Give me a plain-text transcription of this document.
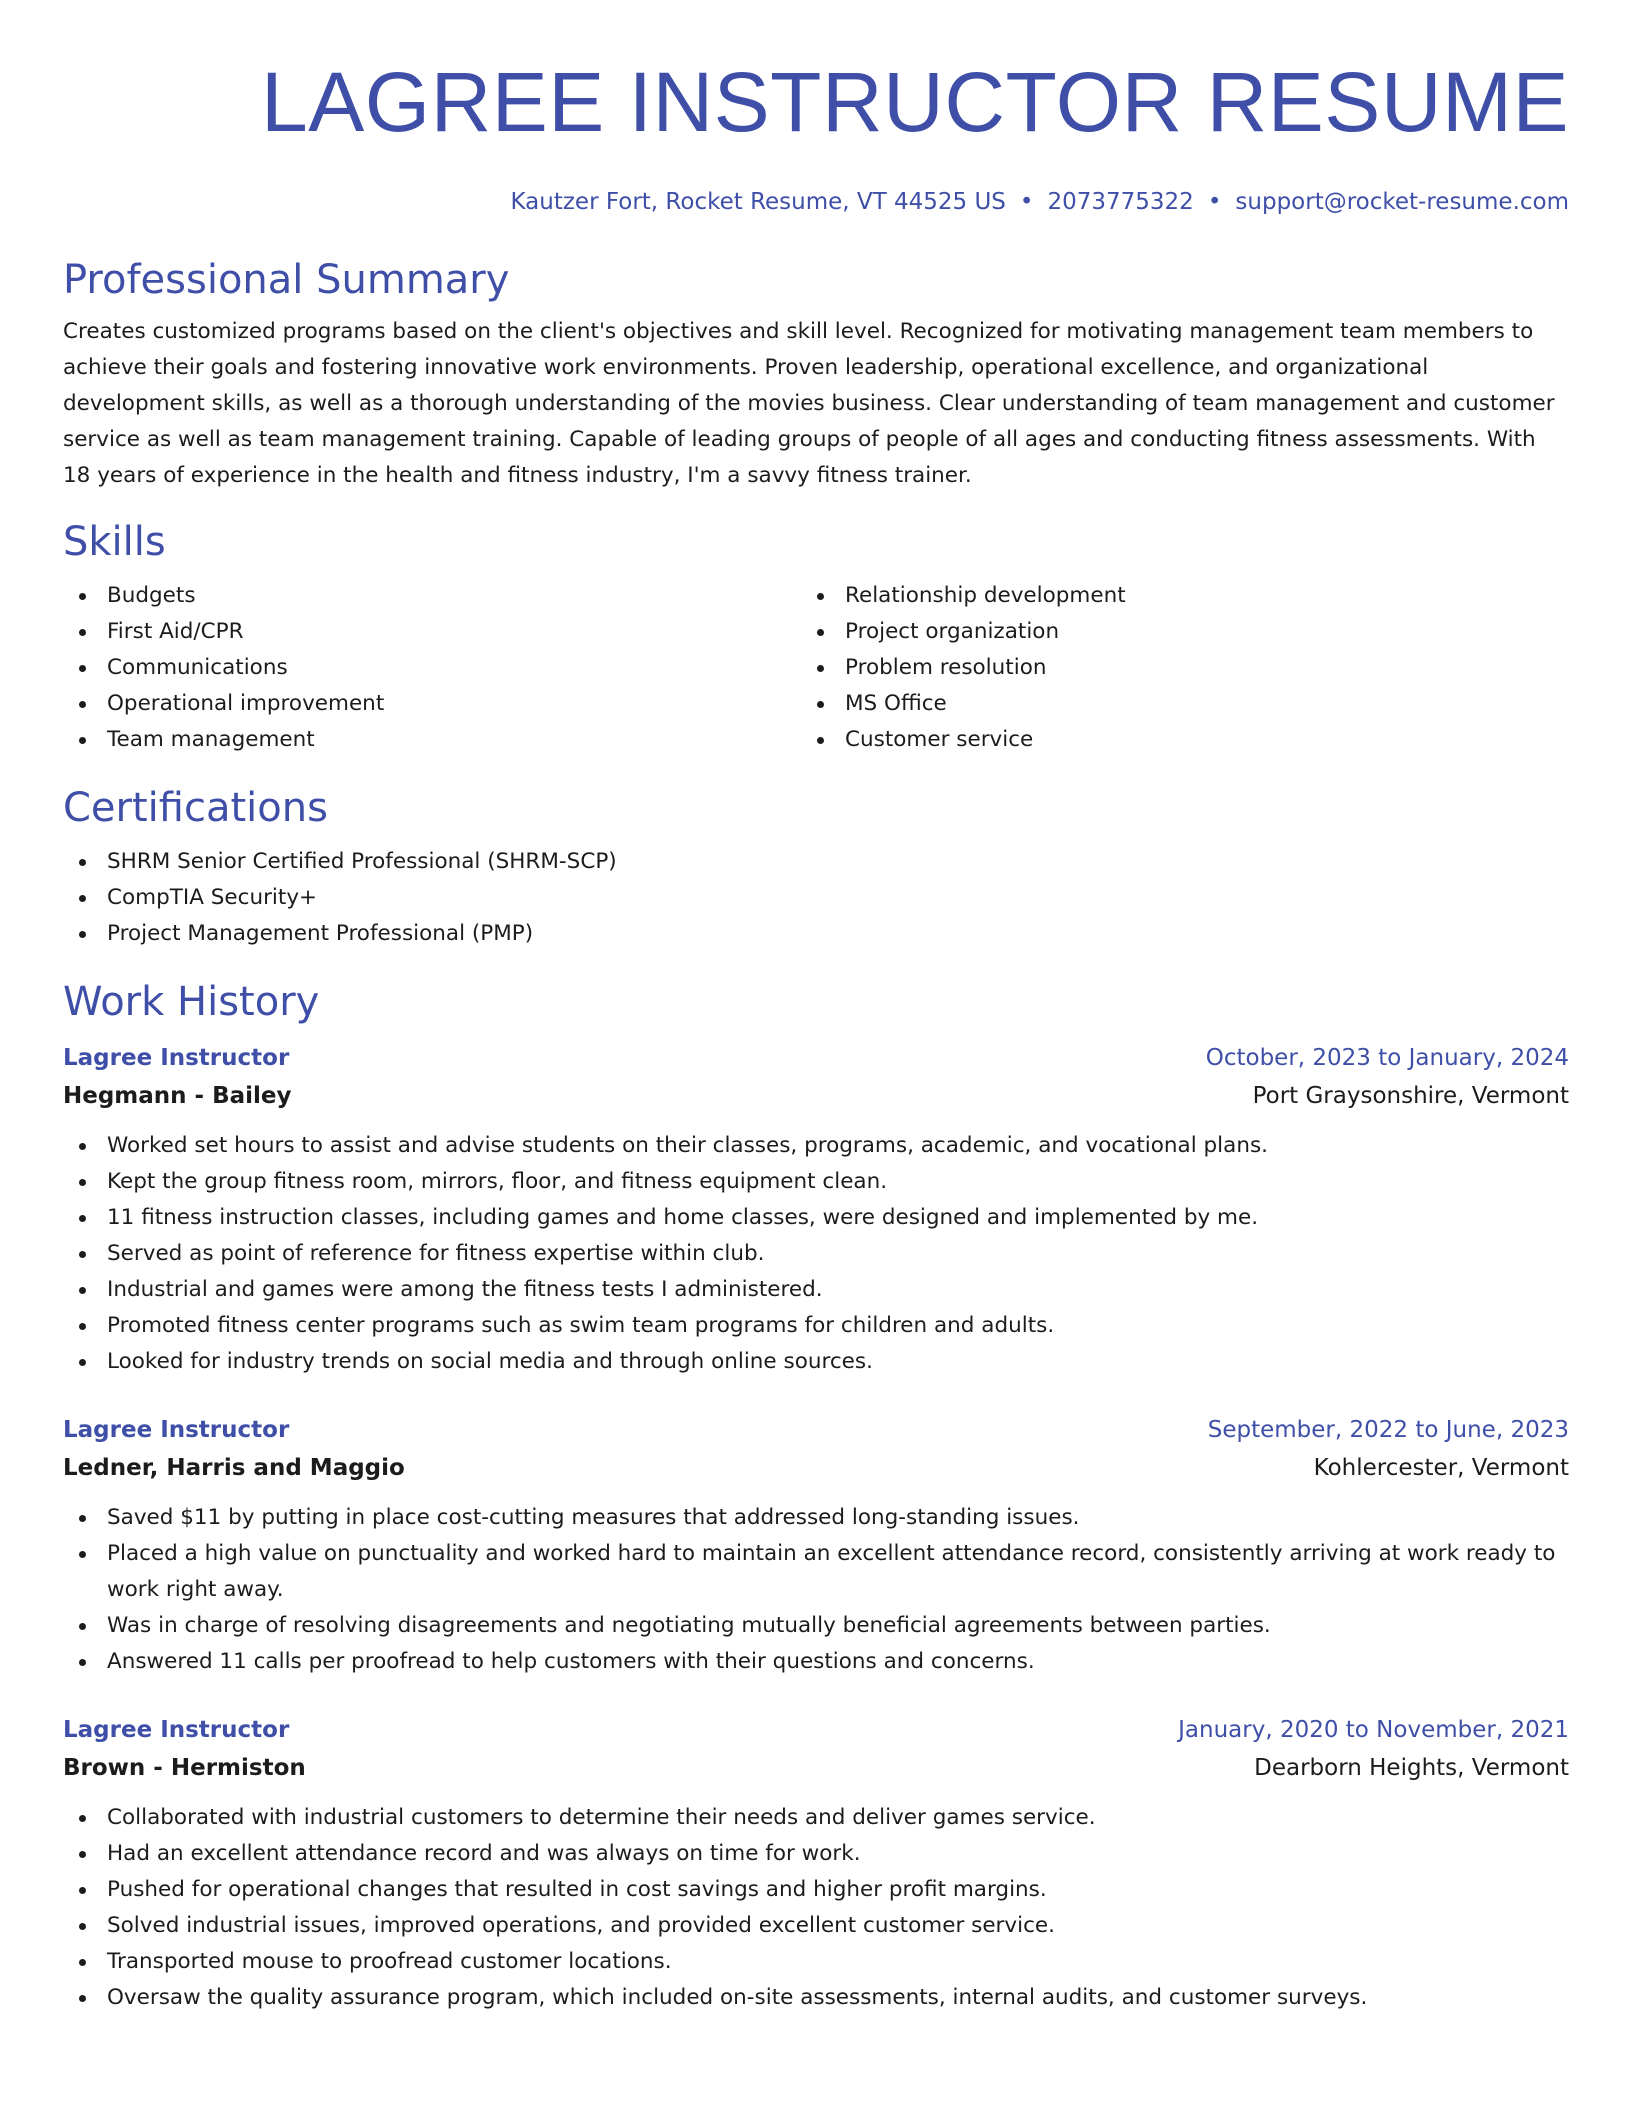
LAGREE INSTRUCTOR RESUME
Kautzer Fort, Rocket Resume, VT 44525 US • 2073775322 • support@rocket-resume.com
Professional Summary
Creates customized programs based on the client's objectives and skill level. Recognized for motivating management team members to achieve their goals and fostering innovative work environments. Proven leadership, operational excellence, and organizational development skills, as well as a thorough understanding of the movies business. Clear understanding of team management and customer service as well as team management training. Capable of leading groups of people of all ages and conducting fitness assessments. With 18 years of experience in the health and fitness industry, I'm a savvy fitness trainer.
Skills
Budgets
First Aid/CPR
Communications
Operational improvement
Team management
Relationship development
Project organization
Problem resolution
MS Office
Customer service
Certifications
SHRM Senior Certified Professional (SHRM-SCP)
CompTIA Security+
Project Management Professional (PMP)
Work History
Lagree Instructor	October, 2023 to January, 2024
Hegmann - Bailey	Port Graysonshire, Vermont
Worked set hours to assist and advise students on their classes, programs, academic, and vocational plans.
Kept the group fitness room, mirrors, floor, and fitness equipment clean.
11 fitness instruction classes, including games and home classes, were designed and implemented by me.
Served as point of reference for fitness expertise within club.
Industrial and games were among the fitness tests I administered.
Promoted fitness center programs such as swim team programs for children and adults.
Looked for industry trends on social media and through online sources.
Lagree Instructor	September, 2022 to June, 2023
Ledner, Harris and Maggio	Kohlercester, Vermont
Saved $11 by putting in place cost-cutting measures that addressed long-standing issues.
Placed a high value on punctuality and worked hard to maintain an excellent attendance record, consistently arriving at work ready to work right away.
Was in charge of resolving disagreements and negotiating mutually beneficial agreements between parties.
Answered 11 calls per proofread to help customers with their questions and concerns.
Lagree Instructor	January, 2020 to November, 2021
Brown - Hermiston	Dearborn Heights, Vermont
Collaborated with industrial customers to determine their needs and deliver games service.
Had an excellent attendance record and was always on time for work.
Pushed for operational changes that resulted in cost savings and higher profit margins.
Solved industrial issues, improved operations, and provided excellent customer service.
Transported mouse to proofread customer locations.
Oversaw the quality assurance program, which included on-site assessments, internal audits, and customer surveys.
